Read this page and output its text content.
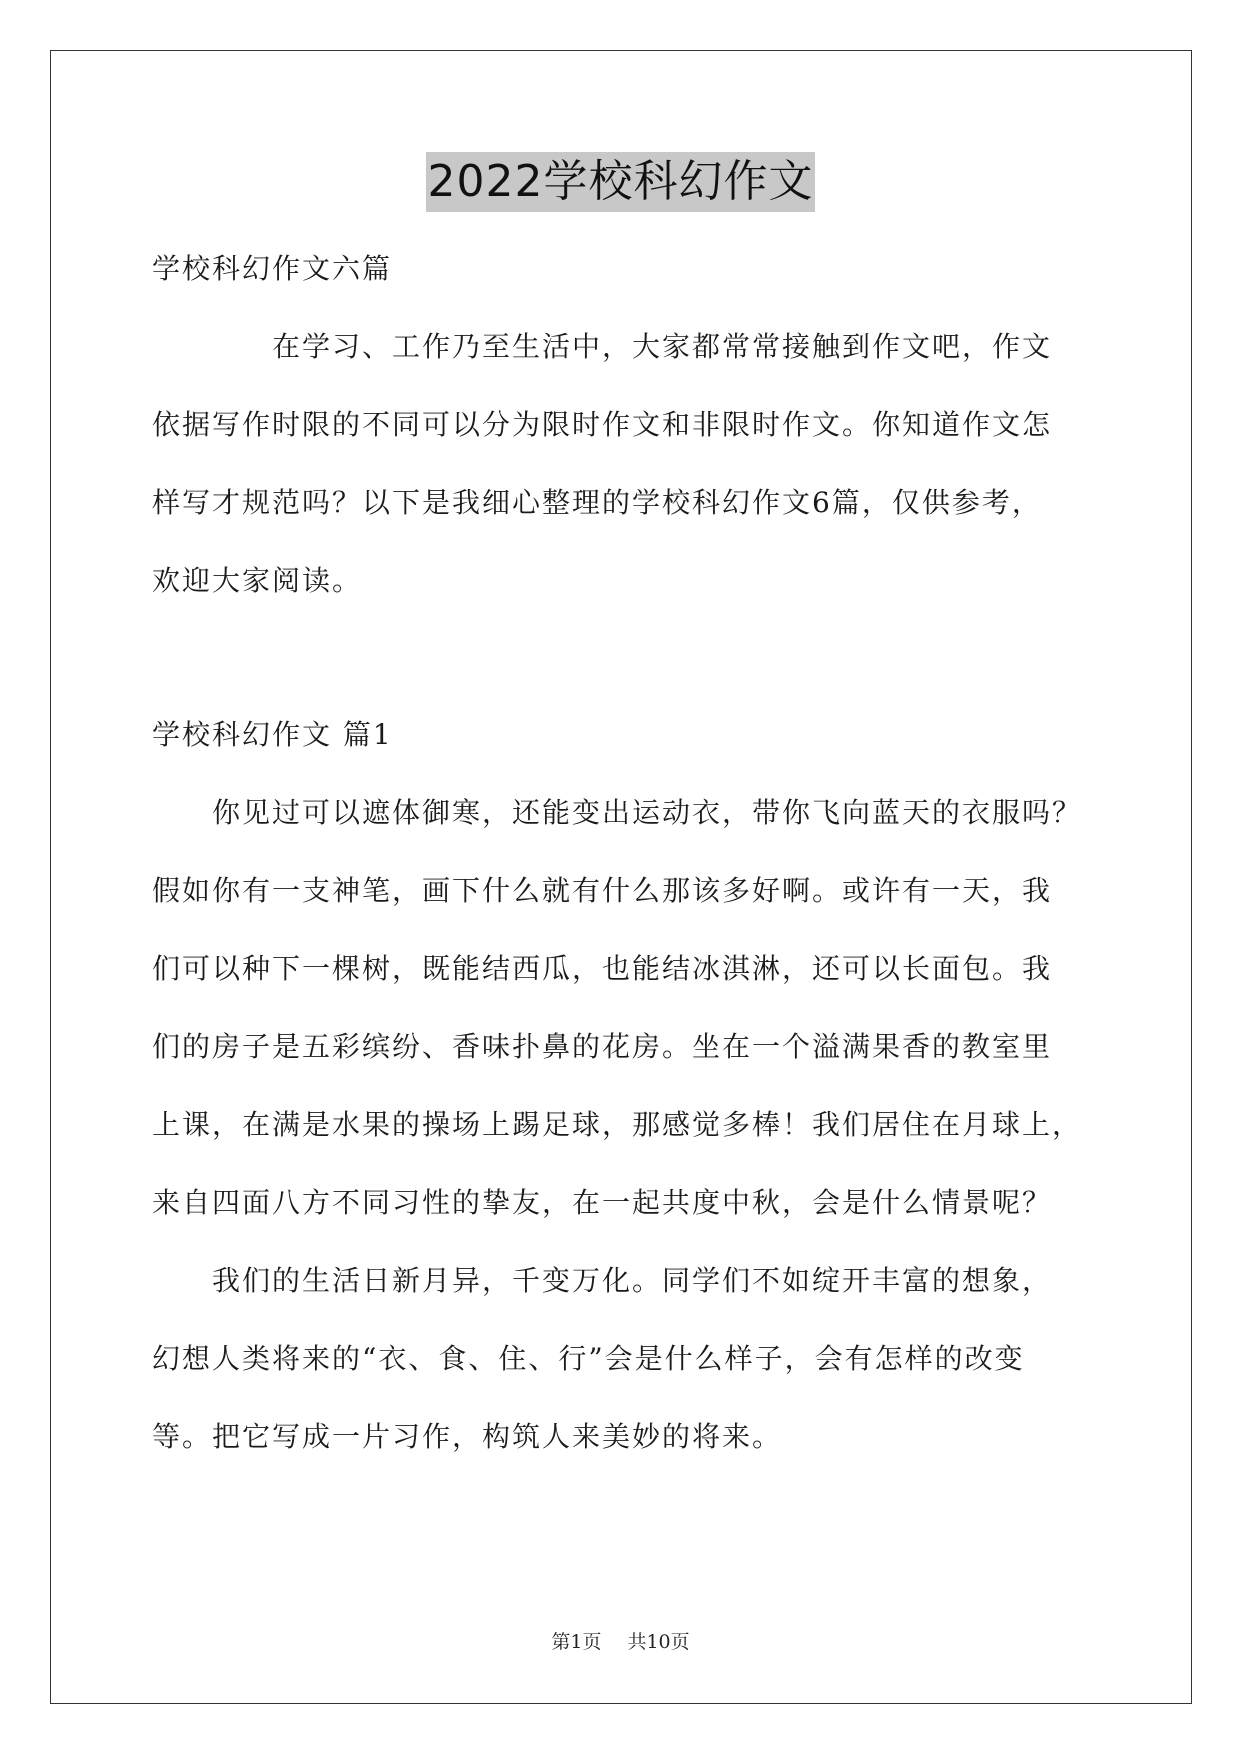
2022学校科幻作文
学校科幻作文六篇
　　　　在学习、工作乃至生活中，大家都常常接触到作文吧，作文
依据写作时限的不同可以分为限时作文和非限时作文。你知道作文怎
样写才规范吗？以下是我细心整理的学校科幻作文6篇，仅供参考，
欢迎大家阅读。
学校科幻作文 篇1
　　你见过可以遮体御寒，还能变出运动衣，带你飞向蓝天的衣服吗？
假如你有一支神笔，画下什么就有什么那该多好啊。或许有一天，我
们可以种下一棵树，既能结西瓜，也能结冰淇淋，还可以长面包。我
们的房子是五彩缤纷、香味扑鼻的花房。坐在一个溢满果香的教室里
上课，在满是水果的操场上踢足球，那感觉多棒！我们居住在月球上，
来自四面八方不同习性的挚友，在一起共度中秋，会是什么情景呢？
　　我们的生活日新月异，千变万化。同学们不如绽开丰富的想象，
幻想人类将来的“衣、食、住、行”会是什么样子，会有怎样的改变
等。把它写成一片习作，构筑人来美妙的将来。
第1页 共10页
